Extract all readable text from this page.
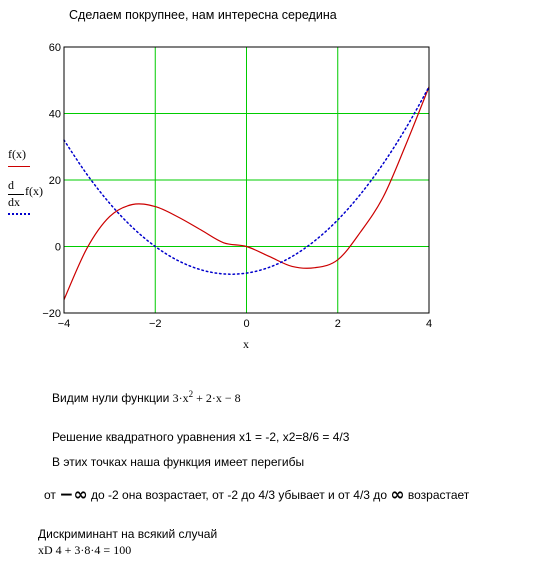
Сделаем покрупнее, нам интересна середина
−4	−2	0	2	4
−20
0
20
40
60
x
f(x)
d
dx
f(x)
Видим нули функции $3\cdot x^2 + 2\cdot x - 8$
Решение квадратного уравнения x1 = -2, x2=8/6 = 4/3
В этих точках наша функция имеет перегибы
от −∞ до -2 она возрастает, от -2 до 4/3 убывает и от 4/3 до ∞ возрастает
Дискриминант на всякий случай
xD 4 + 3·8·4 = 100
